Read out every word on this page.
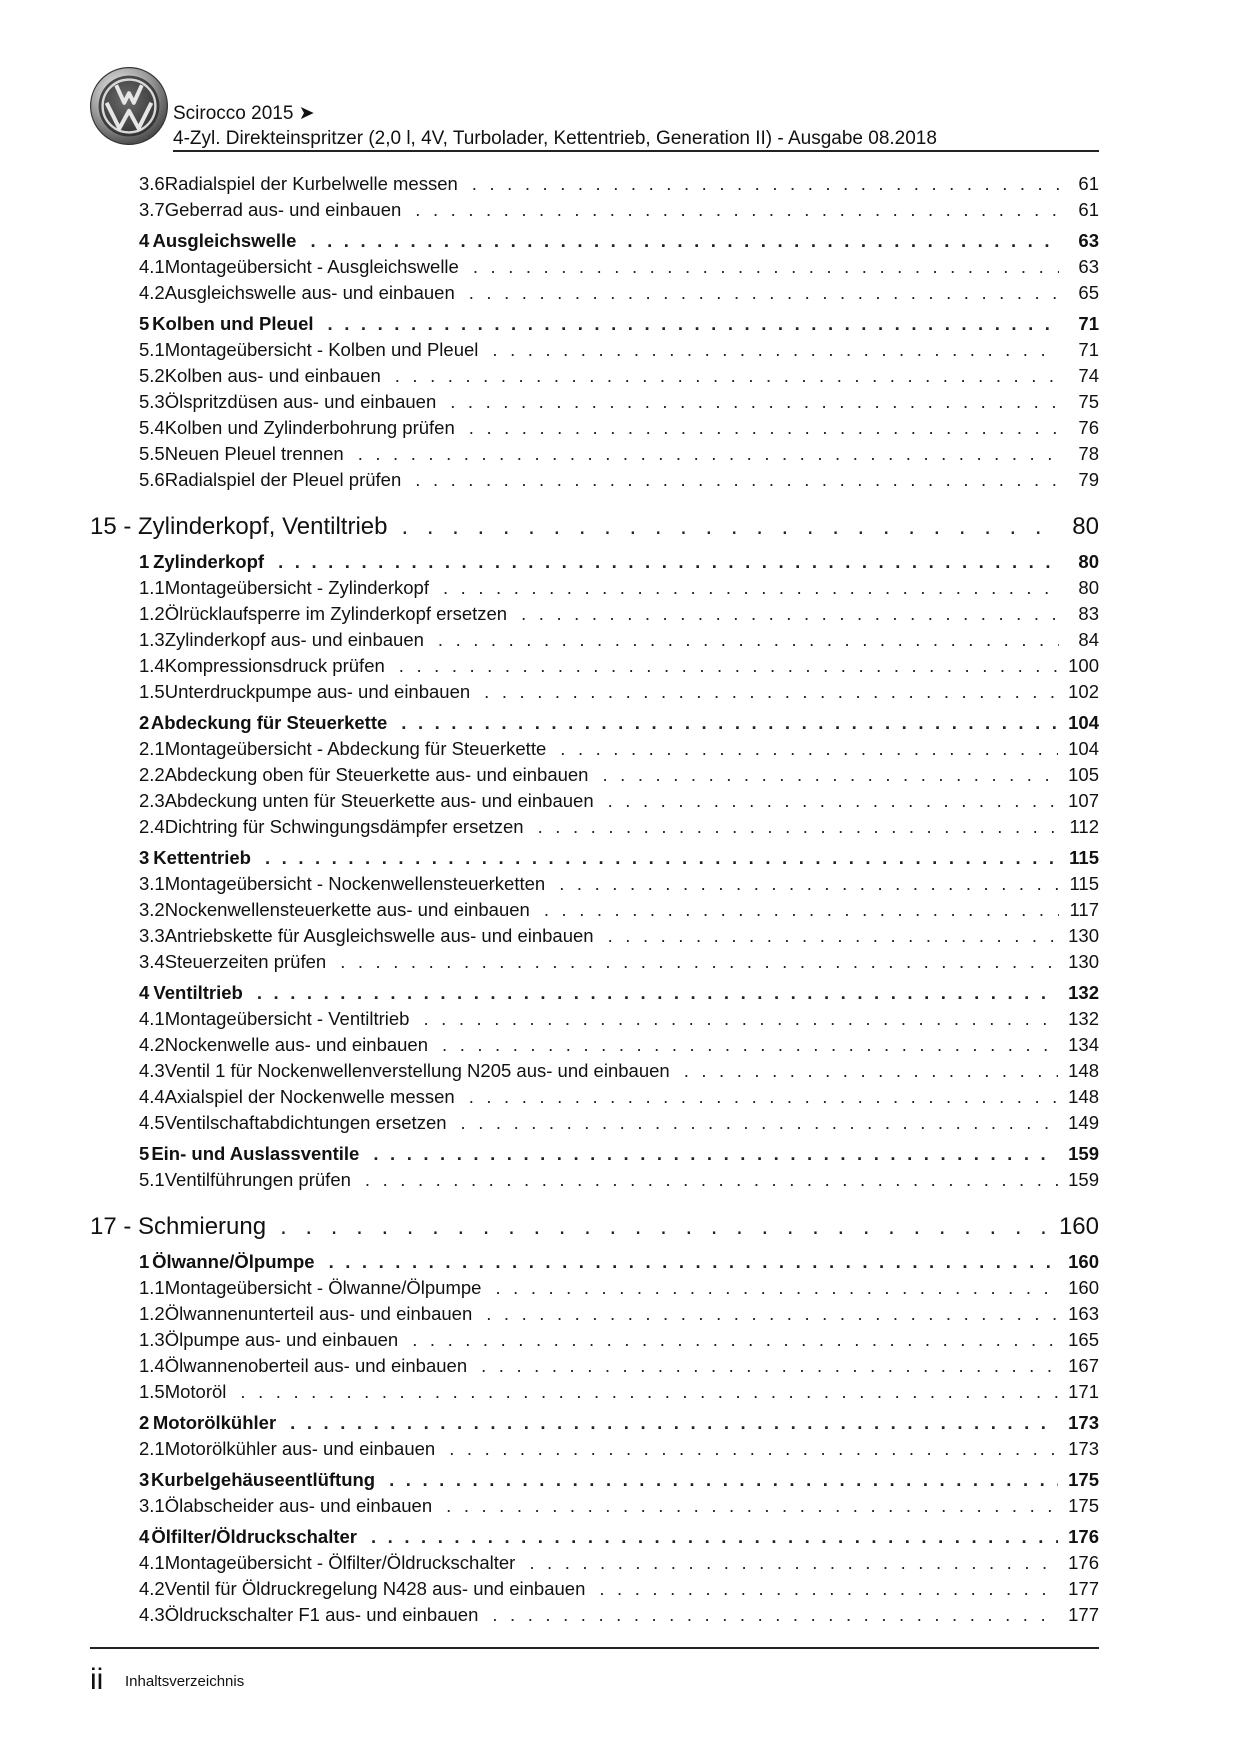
Scirocco 2015 ➤
4-Zyl. Direkteinspritzer (2,0 l, 4V, Turbolader, Kettentrieb, Generation II) - Ausgabe 08.2018
3.6 Radialspiel der Kurbelwelle messen . . .	61
3.7 Geberrad aus- und einbauen . . .	61
4 Ausgleichswelle . . .	63
4.1 Montageübersicht - Ausgleichswelle . . .	63
4.2 Ausgleichswelle aus- und einbauen . . .	65
5 Kolben und Pleuel . . .	71
5.1 Montageübersicht - Kolben und Pleuel . . .	71
5.2 Kolben aus- und einbauen . . .	74
5.3 Ölspritzdüsen aus- und einbauen . . .	75
5.4 Kolben und Zylinderbohrung prüfen . . .	76
5.5 Neuen Pleuel trennen . . .	78
5.6 Radialspiel der Pleuel prüfen . . .	79
15 - Zylinderkopf, Ventiltrieb . . .	80
1 Zylinderkopf . . .	80
1.1 Montageübersicht - Zylinderkopf . . .	80
1.2 Ölrücklaufsperre im Zylinderkopf ersetzen . . .	83
1.3 Zylinderkopf aus- und einbauen . . .	84
1.4 Kompressionsdruck prüfen . . .	100
1.5 Unterdruckpumpe aus- und einbauen . . .	102
2 Abdeckung für Steuerkette . . .	104
2.1 Montageübersicht - Abdeckung für Steuerkette . . .	104
2.2 Abdeckung oben für Steuerkette aus- und einbauen . . .	105
2.3 Abdeckung unten für Steuerkette aus- und einbauen . . .	107
2.4 Dichtring für Schwingungsdämpfer ersetzen . . .	112
3 Kettentrieb . . .	115
3.1 Montageübersicht - Nockenwellensteuerketten . . .	115
3.2 Nockenwellensteuerkette aus- und einbauen . . .	117
3.3 Antriebskette für Ausgleichswelle aus- und einbauen . . .	130
3.4 Steuerzeiten prüfen . . .	130
4 Ventiltrieb . . .	132
4.1 Montageübersicht - Ventiltrieb . . .	132
4.2 Nockenwelle aus- und einbauen . . .	134
4.3 Ventil 1 für Nockenwellenverstellung N205 aus- und einbauen . . .	148
4.4 Axialspiel der Nockenwelle messen . . .	148
4.5 Ventilschaftabdichtungen ersetzen . . .	149
5 Ein- und Auslassventile . . .	159
5.1 Ventilführungen prüfen . . .	159
17 - Schmierung . . .	160
1 Ölwanne/Ölpumpe . . .	160
1.1 Montageübersicht - Ölwanne/Ölpumpe . . .	160
1.2 Ölwannenunterteil aus- und einbauen . . .	163
1.3 Ölpumpe aus- und einbauen . . .	165
1.4 Ölwannenoberteil aus- und einbauen . . .	167
1.5 Motoröl . . .	171
2 Motorölkühler . . .	173
2.1 Motorölkühler aus- und einbauen . . .	173
3 Kurbelgehäuseentlüftung . . .	175
3.1 Ölabscheider aus- und einbauen . . .	175
4 Ölfilter/Öldruckschalter . . .	176
4.1 Montageübersicht - Ölfilter/Öldruckschalter . . .	176
4.2 Ventil für Öldruckregelung N428 aus- und einbauen . . .	177
4.3 Öldruckschalter F1 aus- und einbauen . . .	177
ii Inhaltsverzeichnis
